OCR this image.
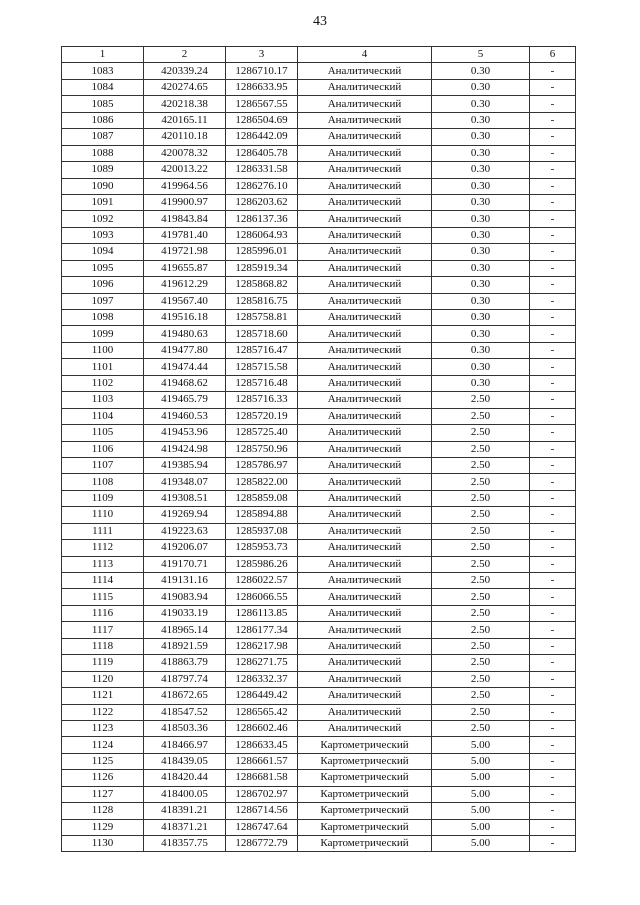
43
1	2	3	4	5	6
1083	420339.24	1286710.17	Аналитический	0.30	-
1084	420274.65	1286633.95	Аналитический	0.30	-
1085	420218.38	1286567.55	Аналитический	0.30	-
1086	420165.11	1286504.69	Аналитический	0.30	-
1087	420110.18	1286442.09	Аналитический	0.30	-
1088	420078.32	1286405.78	Аналитический	0.30	-
1089	420013.22	1286331.58	Аналитический	0.30	-
1090	419964.56	1286276.10	Аналитический	0.30	-
1091	419900.97	1286203.62	Аналитический	0.30	-
1092	419843.84	1286137.36	Аналитический	0.30	-
1093	419781.40	1286064.93	Аналитический	0.30	-
1094	419721.98	1285996.01	Аналитический	0.30	-
1095	419655.87	1285919.34	Аналитический	0.30	-
1096	419612.29	1285868.82	Аналитический	0.30	-
1097	419567.40	1285816.75	Аналитический	0.30	-
1098	419516.18	1285758.81	Аналитический	0.30	-
1099	419480.63	1285718.60	Аналитический	0.30	-
1100	419477.80	1285716.47	Аналитический	0.30	-
1101	419474.44	1285715.58	Аналитический	0.30	-
1102	419468.62	1285716.48	Аналитический	0.30	-
1103	419465.79	1285716.33	Аналитический	2.50	-
1104	419460.53	1285720.19	Аналитический	2.50	-
1105	419453.96	1285725.40	Аналитический	2.50	-
1106	419424.98	1285750.96	Аналитический	2.50	-
1107	419385.94	1285786.97	Аналитический	2.50	-
1108	419348.07	1285822.00	Аналитический	2.50	-
1109	419308.51	1285859.08	Аналитический	2.50	-
1110	419269.94	1285894.88	Аналитический	2.50	-
1111	419223.63	1285937.08	Аналитический	2.50	-
1112	419206.07	1285953.73	Аналитический	2.50	-
1113	419170.71	1285986.26	Аналитический	2.50	-
1114	419131.16	1286022.57	Аналитический	2.50	-
1115	419083.94	1286066.55	Аналитический	2.50	-
1116	419033.19	1286113.85	Аналитический	2.50	-
1117	418965.14	1286177.34	Аналитический	2.50	-
1118	418921.59	1286217.98	Аналитический	2.50	-
1119	418863.79	1286271.75	Аналитический	2.50	-
1120	418797.74	1286332.37	Аналитический	2.50	-
1121	418672.65	1286449.42	Аналитический	2.50	-
1122	418547.52	1286565.42	Аналитический	2.50	-
1123	418503.36	1286602.46	Аналитический	2.50	-
1124	418466.97	1286633.45	Картометрический	5.00	-
1125	418439.05	1286661.57	Картометрический	5.00	-
1126	418420.44	1286681.58	Картометрический	5.00	-
1127	418400.05	1286702.97	Картометрический	5.00	-
1128	418391.21	1286714.56	Картометрический	5.00	-
1129	418371.21	1286747.64	Картометрический	5.00	-
1130	418357.75	1286772.79	Картометрический	5.00	-
